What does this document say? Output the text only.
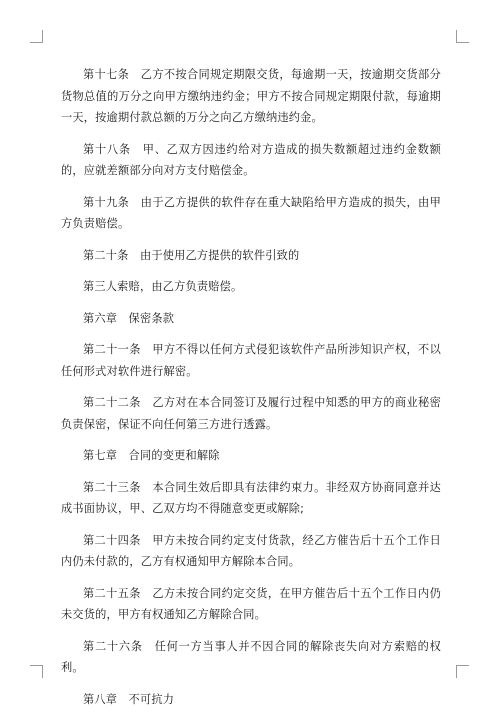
第十七条　乙方不按合同规定期限交货，每逾期一天，按逾期交货部分货物总值的万分之向甲方缴纳违约金；甲方不按合同规定期限付款，每逾期一天，按逾期付款总额的万分之向乙方缴纳违约金。

第十八条　甲、乙双方因违约给对方造成的损失数额超过违约金数额的，应就差额部分向对方支付赔偿金。

第十九条　由于乙方提供的软件存在重大缺陷给甲方造成的损失，由甲方负责赔偿。

第二十条　由于使用乙方提供的软件引致的

第三人索赔，由乙方负责赔偿。

第六章　保密条款

第二十一条　甲方不得以任何方式侵犯该软件产品所涉知识产权，不以任何形式对软件进行解密。

第二十二条　乙方对在本合同签订及履行过程中知悉的甲方的商业秘密负责保密，保证不向任何第三方进行透露。

第七章　合同的变更和解除

第二十三条　本合同生效后即具有法律约束力。非经双方协商同意并达成书面协议，甲、乙双方均不得随意变更或解除;

第二十四条　甲方未按合同约定支付货款，经乙方催告后十五个工作日内仍未付款的，乙方有权通知甲方解除本合同。

第二十五条　乙方未按合同约定交货，在甲方催告后十五个工作日内仍未交货的，甲方有权通知乙方解除合同。

第二十六条　任何一方当事人并不因合同的解除丧失向对方索赔的权利。

第八章　不可抗力
